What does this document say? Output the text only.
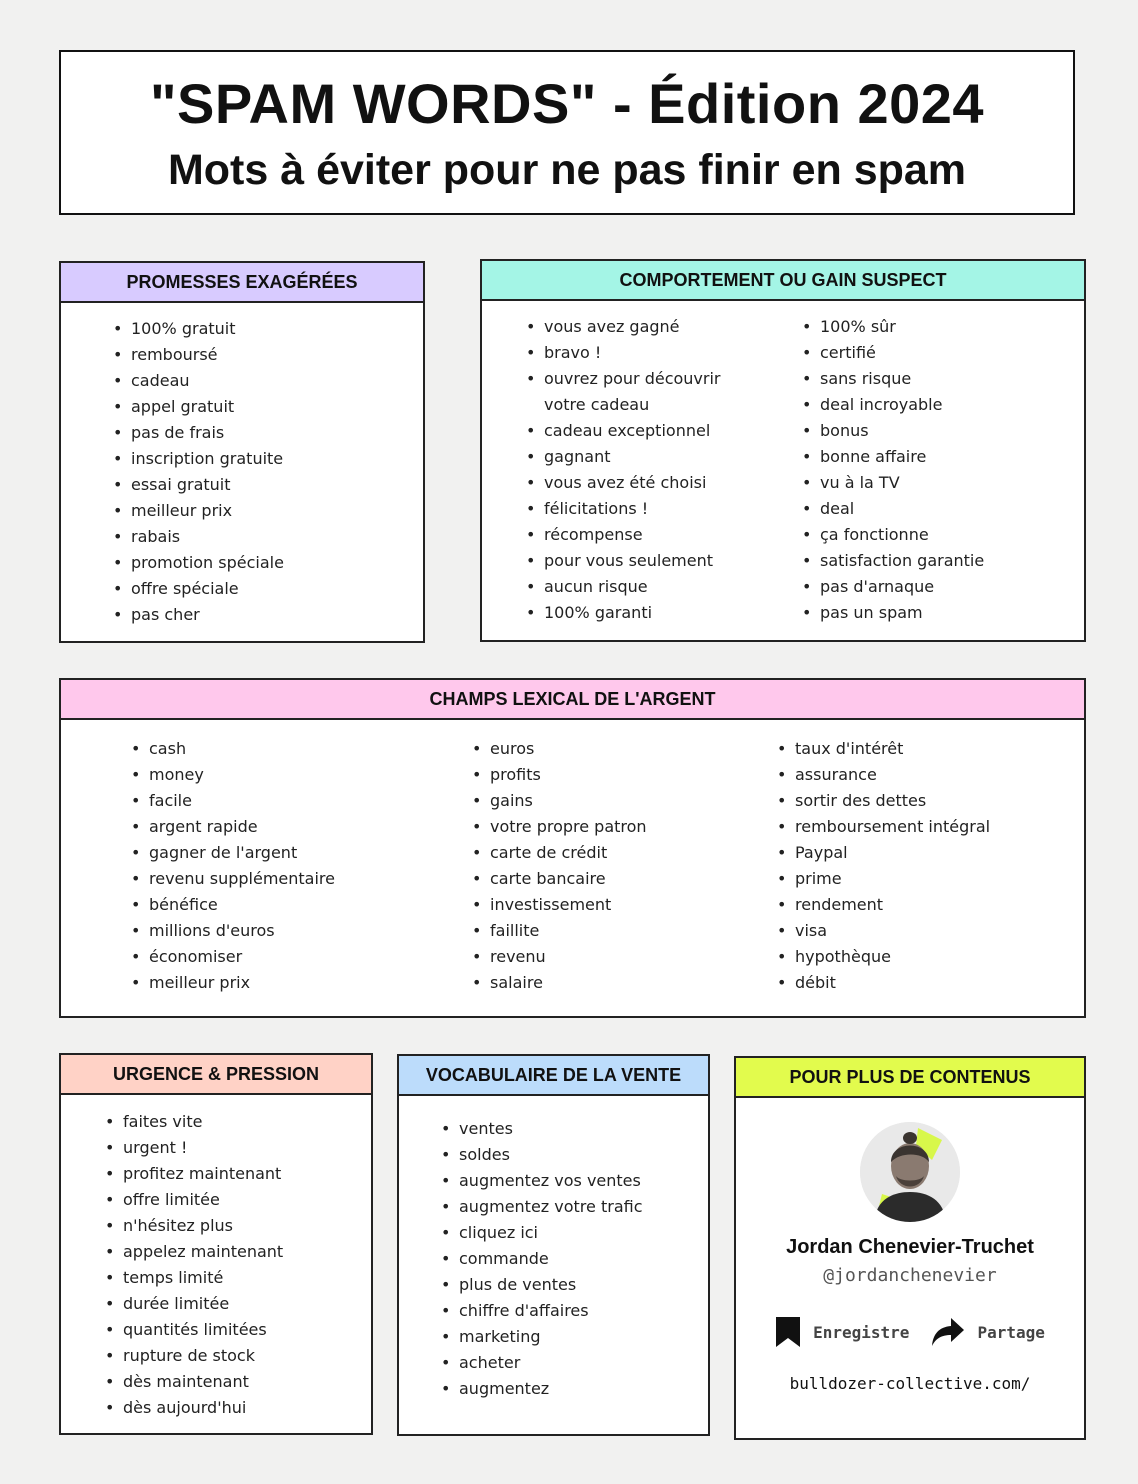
"SPAM WORDS" - Édition 2024
Mots à éviter pour ne pas finir en spam
PROMESSES EXAGÉRÉES
• 100% gratuit
• remboursé
• cadeau
• appel gratuit
• pas de frais
• inscription gratuite
• essai gratuit
• meilleur prix
• rabais
• promotion spéciale
• offre spéciale
• pas cher
COMPORTEMENT OU GAIN SUSPECT
• vous avez gagné
• bravo !
• ouvrez pour découvrir votre cadeau
• cadeau exceptionnel
• gagnant
• vous avez été choisi
• félicitations !
• récompense
• pour vous seulement
• aucun risque
• 100% garanti
• 100% sûr
• certifié
• sans risque
• deal incroyable
• bonus
• bonne affaire
• vu à la TV
• deal
• ça fonctionne
• satisfaction garantie
• pas d'arnaque
• pas un spam
CHAMPS LEXICAL DE L'ARGENT
• cash
• money
• facile
• argent rapide
• gagner de l'argent
• revenu supplémentaire
• bénéfice
• millions d'euros
• économiser
• meilleur prix
• euros
• profits
• gains
• votre propre patron
• carte de crédit
• carte bancaire
• investissement
• faillite
• revenu
• salaire
• taux d'intérêt
• assurance
• sortir des dettes
• remboursement intégral
• Paypal
• prime
• rendement
• visa
• hypothèque
• débit
URGENCE & PRESSION
• faites vite
• urgent !
• profitez maintenant
• offre limitée
• n'hésitez plus
• appelez maintenant
• temps limité
• durée limitée
• quantités limitées
• rupture de stock
• dès maintenant
• dès aujourd'hui
VOCABULAIRE DE LA VENTE
• ventes
• soldes
• augmentez vos ventes
• augmentez votre trafic
• cliquez ici
• commande
• plus de ventes
• chiffre d'affaires
• marketing
• acheter
• augmentez
POUR PLUS DE CONTENUS
Jordan Chenevier-Truchet
@jordanchenevier
Enregistre	Partage
bulldozer-collective.com/
